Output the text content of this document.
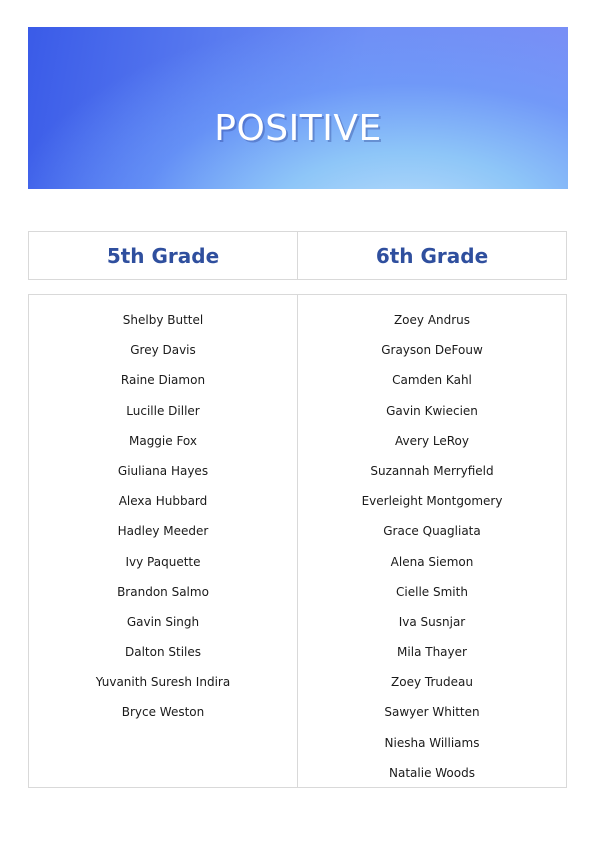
POSITIVE
5th Grade	6th Grade
Shelby Buttel
Grey Davis
Raine Diamon
Lucille Diller
Maggie Fox
Giuliana Hayes
Alexa Hubbard
Hadley Meeder
Ivy Paquette
Brandon Salmo
Gavin Singh
Dalton Stiles
Yuvanith Suresh Indira
Bryce Weston
Zoey Andrus
Grayson DeFouw
Camden Kahl
Gavin Kwiecien
Avery LeRoy
Suzannah Merryfield
Everleight Montgomery
Grace Quagliata
Alena Siemon
Cielle Smith
Iva Susnjar
Mila Thayer
Zoey Trudeau
Sawyer Whitten
Niesha Williams
Natalie Woods
